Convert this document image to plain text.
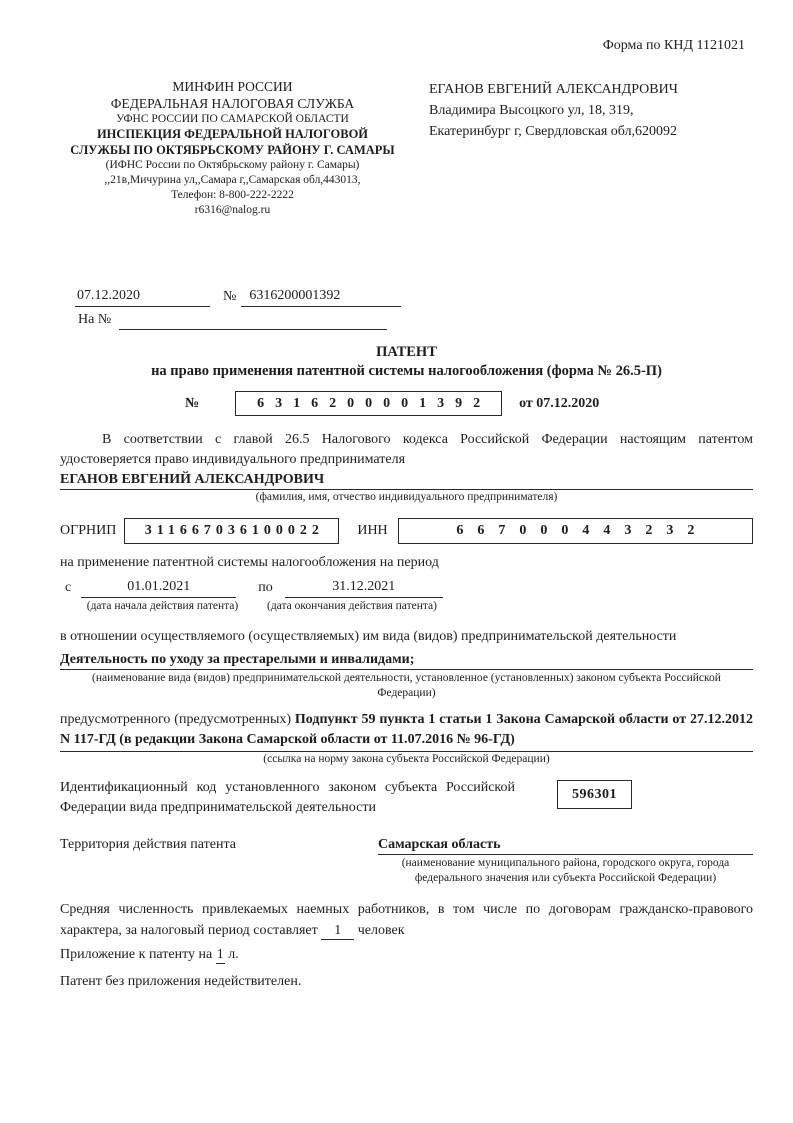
Форма по КНД 1121021
МИНФИН РОССИИ
ФЕДЕРАЛЬНАЯ НАЛОГОВАЯ СЛУЖБА
УФНС РОССИИ ПО САМАРСКОЙ ОБЛАСТИ
ИНСПЕКЦИЯ ФЕДЕРАЛЬНОЙ НАЛОГОВОЙ
СЛУЖБЫ ПО ОКТЯБРЬСКОМУ РАЙОНУ Г. САМАРЫ
(ИФНС России по Октябрьскому району г. Самары)
,,21в,Мичурина ул,,Самара г,,Самарская обл,443013,
Телефон: 8-800-222-2222
r6316@nalog.ru
ЕГАНОВ ЕВГЕНИЙ АЛЕКСАНДРОВИЧ
Владимира Высоцкого ул, 18, 319,
Екатеринбург г, Свердловская обл,620092
07.12.2020	№ 6316200001392
На №
ПАТЕНТ
на право применения патентной системы налогообложения (форма № 26.5-П)
№	6316200001392	от 07.12.2020
В соответствии с главой 26.5 Налогового кодекса Российской Федерации настоящим патентом удостоверяется право индивидуального предпринимателя
ЕГАНОВ ЕВГЕНИЙ АЛЕКСАНДРОВИЧ
(фамилия, имя, отчество индивидуального предпринимателя)
ОГРНИП	311667036100022	ИНН	667000443232
на применение патентной системы налогообложения на период
с	01.01.2021	по	31.12.2021
(дата начала действия патента)	(дата окончания действия патента)
в отношении осуществляемого (осуществляемых) им вида (видов) предпринимательской деятельности
Деятельность по уходу за престарелыми и инвалидами;
(наименование вида (видов) предпринимательской деятельности, установленное (установленных) законом субъекта Российской Федерации)
предусмотренного (предусмотренных) Подпункт 59 пункта 1 статьи 1 Закона Самарской области от 27.12.2012 N 117-ГД (в редакции Закона Самарской области от 11.07.2016 № 96-ГД)
(ссылка на норму закона субъекта Российской Федерации)
Идентификационный код установленного законом субъекта Российской Федерации вида предпринимательской деятельности
596301
Территория действия патента	Самарская область
(наименование муниципального района, городского округа, города федерального значения или субъекта Российской Федерации)
Средняя численность привлекаемых наемных работников, в том числе по договорам гражданско-правового характера, за налоговый период составляет 1 человек
Приложение к патенту на 1 л.
Патент без приложения недействителен.
